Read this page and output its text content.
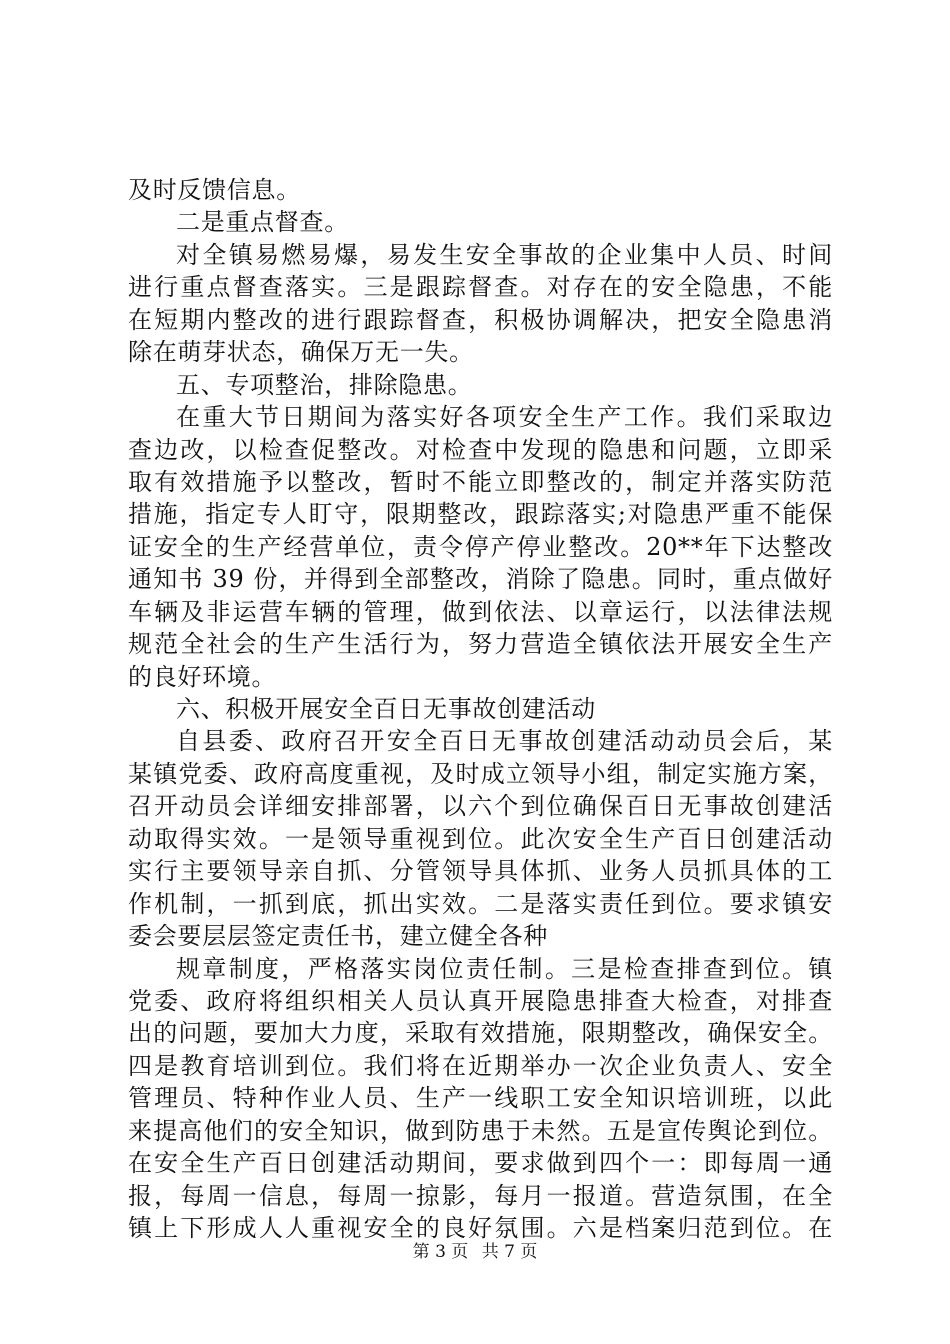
及时反馈信息。
二是重点督查。
对全镇易燃易爆，易发生安全事故的企业集中人员、时间
进行重点督查落实。三是跟踪督查。对存在的安全隐患，不能
在短期内整改的进行跟踪督查，积极协调解决，把安全隐患消
除在萌芽状态，确保万无一失。
五、专项整治，排除隐患。
在重大节日期间为落实好各项安全生产工作。我们采取边
查边改，以检查促整改。对检查中发现的隐患和问题，立即采
取有效措施予以整改，暂时不能立即整改的，制定并落实防范
措施，指定专人盯守，限期整改，跟踪落实;对隐患严重不能保
证安全的生产经营单位，责令停产停业整改。20**年下达整改
通知书 39 份，并得到全部整改，消除了隐患。同时，重点做好
车辆及非运营车辆的管理，做到依法、以章运行，以法律法规
规范全社会的生产生活行为，努力营造全镇依法开展安全生产
的良好环境。
六、积极开展安全百日无事故创建活动
自县委、政府召开安全百日无事故创建活动动员会后，某
某镇党委、政府高度重视，及时成立领导小组，制定实施方案，
召开动员会详细安排部署，以六个到位确保百日无事故创建活
动取得实效。一是领导重视到位。此次安全生产百日创建活动
实行主要领导亲自抓、分管领导具体抓、业务人员抓具体的工
作机制，一抓到底，抓出实效。二是落实责任到位。要求镇安
委会要层层签定责任书，建立健全各种
规章制度，严格落实岗位责任制。三是检查排查到位。镇
党委、政府将组织相关人员认真开展隐患排查大检查，对排查
出的问题，要加大力度，采取有效措施，限期整改，确保安全。
四是教育培训到位。我们将在近期举办一次企业负责人、安全
管理员、特种作业人员、生产一线职工安全知识培训班，以此
来提高他们的安全知识，做到防患于未然。五是宣传舆论到位。
在安全生产百日创建活动期间，要求做到四个一：即每周一通
报，每周一信息，每周一掠影，每月一报道。营造氛围，在全
镇上下形成人人重视安全的良好氛围。六是档案归范到位。在
第 3 页 共 7 页
